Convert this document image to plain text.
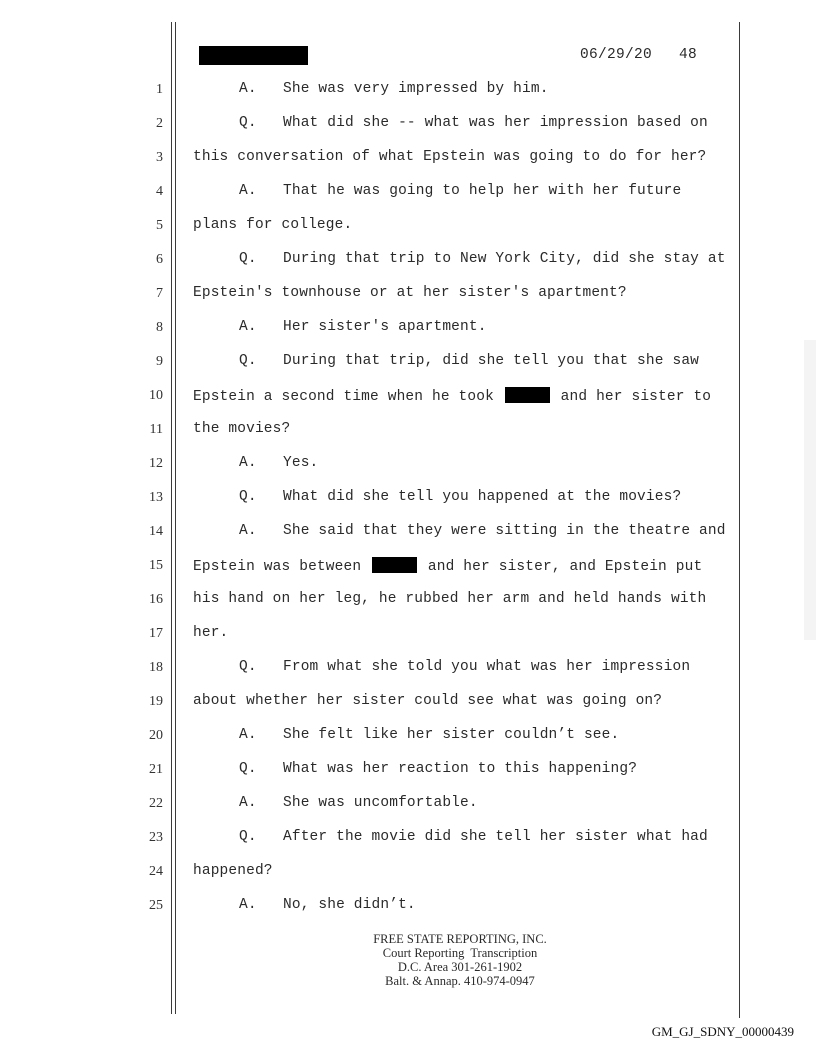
06/29/20 48
1	A. She was very impressed by him.
2	Q. What did she -- what was her impression based on
3 this conversation of what Epstein was going to do for her?
4	A. That he was going to help her with her future
5 plans for college.
6	Q. During that trip to New York City, did she stay at
7 Epstein's townhouse or at her sister's apartment?
8	A. Her sister's apartment.
9	Q. During that trip, did she tell you that she saw
10 Epstein a second time when he took	and her sister to
11 the movies?
12	A. Yes.
13	Q. What did she tell you happened at the movies?
14	A. She said that they were sitting in the theatre and
15 Epstein was between	and her sister, and Epstein put
16 his hand on her leg, he rubbed her arm and held hands with
17 her.
18	Q. From what she told you what was her impression
19 about whether her sister could see what was going on?
20	A. She felt like her sister couldn’t see.
21	Q. What was her reaction to this happening?
22	A. She was uncomfortable.
23	Q. After the movie did she tell her sister what had
24 happened?
25	A. No, she didn’t.
FREE STATE REPORTING, INC.
Court Reporting  Transcription
D.C. Area 301-261-1902
Balt. & Annap. 410-974-0947
GM_GJ_SDNY_00000439
